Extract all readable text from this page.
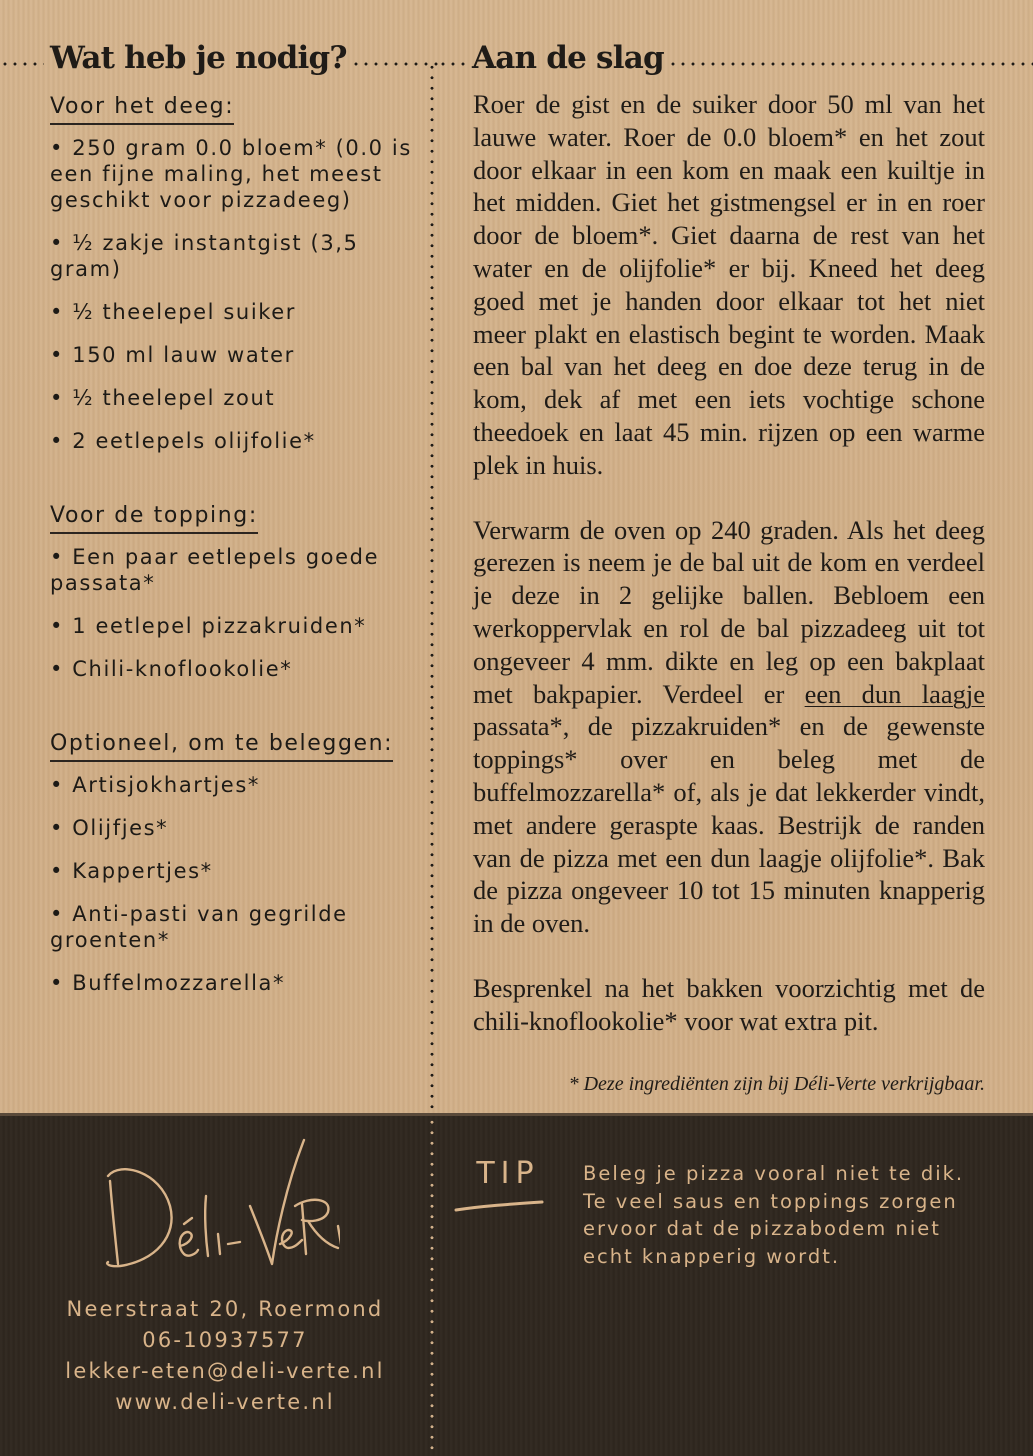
Wat heb je nodig?	Aan de slag
Voor het deeg:
• 250 gram 0.0 bloem* (0.0 is een fijne maling, het meest geschikt voor pizzadeeg)
• ½ zakje instantgist (3,5 gram)
• ½ theelepel suiker
• 150 ml lauw water
• ½ theelepel zout
• 2 eetlepels olijfolie*
Voor de topping:
• Een paar eetlepels goede passata*
• 1 eetlepel pizzakruiden*
• Chili-knoflookolie*
Optioneel, om te beleggen:
• Artisjokhartjes*
• Olijfjes*
• Kappertjes*
• Anti-pasti van gegrilde groenten*
• Buffelmozzarella*

Roer de gist en de suiker door 50 ml van het lauwe water. Roer de 0.0 bloem* en het zout door elkaar in een kom en maak een kuiltje in het midden. Giet het gistmengsel er in en roer door de bloem*. Giet daarna de rest van het water en de olijfolie* er bij. Kneed het deeg goed met je handen door elkaar tot het niet meer plakt en elastisch begint te worden. Maak een bal van het deeg en doe deze terug in de kom, dek af met een iets vochtige schone theedoek en laat 45 min. rijzen op een warme plek in huis.

Verwarm de oven op 240 graden. Als het deeg gerezen is neem je de bal uit de kom en verdeel je deze in 2 gelijke ballen. Bebloem een werkoppervlak en rol de bal pizzadeeg uit tot ongeveer 4 mm. dikte en leg op een bakplaat met bakpapier. Verdeel er een dun laagje passata*, de pizzakruiden* en de gewenste toppings* over en beleg met de buffelmozzarella* of, als je dat lekkerder vindt, met andere geraspte kaas. Bestrijk de randen van de pizza met een dun laagje olijfolie*. Bak de pizza ongeveer 10 tot 15 minuten knapperig in de oven.

Besprenkel na het bakken voorzichtig met de chili-knoflookolie* voor wat extra pit.

* Deze ingrediënten zijn bij Déli-Verte verkrijgbaar.
Neerstraat 20, Roermond
06-10937577
lekker-eten@deli-verte.nl
www.deli-verte.nl
TIP	Beleg je pizza vooral niet te dik. Te veel saus en toppings zorgen ervoor dat de pizzabodem niet echt knapperig wordt.
